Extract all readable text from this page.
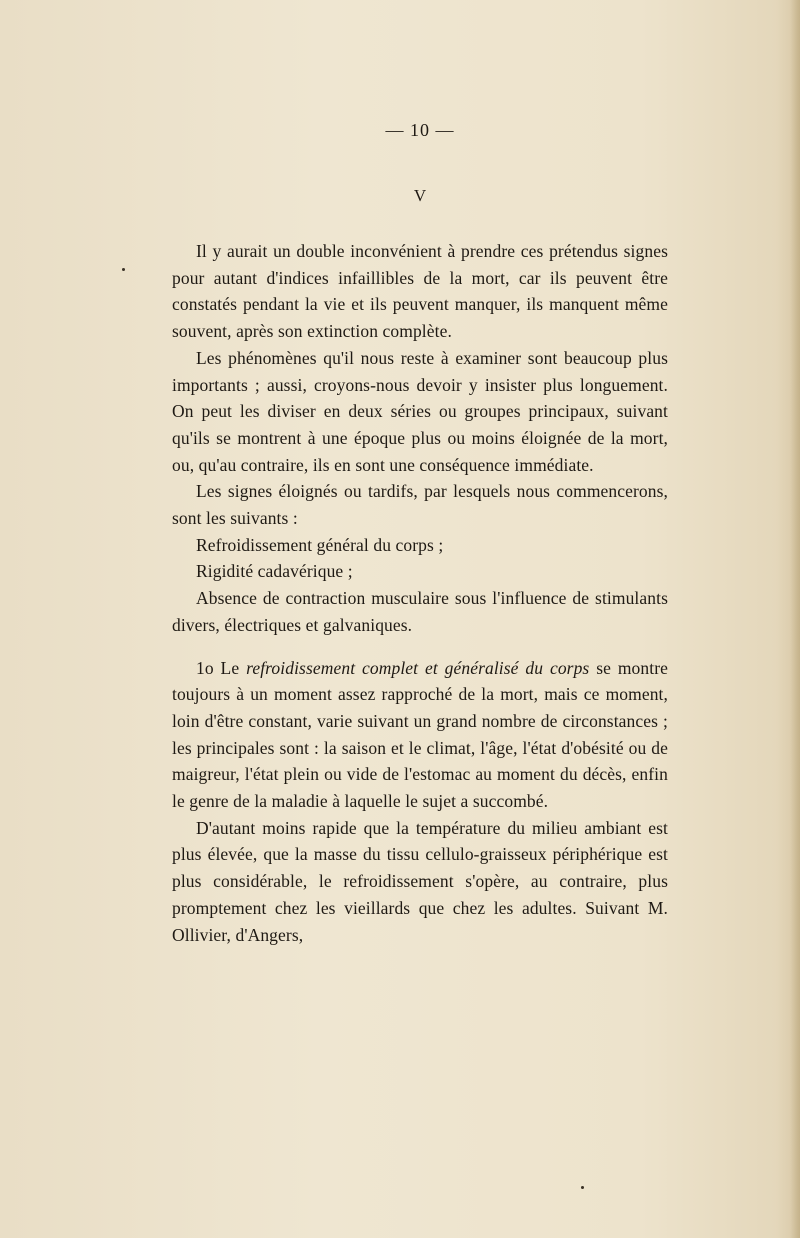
— 10 —
V

Il y aurait un double inconvénient à prendre ces prétendus signes pour autant d'indices infaillibles de la mort, car ils peuvent être constatés pendant la vie et ils peuvent manquer, ils manquent même souvent, après son extinction complète.

Les phénomènes qu'il nous reste à examiner sont beaucoup plus importants ; aussi, croyons-nous devoir y insister plus longuement. On peut les diviser en deux séries ou groupes principaux, suivant qu'ils se montrent à une époque plus ou moins éloignée de la mort, ou, qu'au contraire, ils en sont une conséquence immédiate.

Les signes éloignés ou tardifs, par lesquels nous commencerons, sont les suivants :

Refroidissement général du corps ;

Rigidité cadavérique ;

Absence de contraction musculaire sous l'influence de stimulants divers, électriques et galvaniques.

1o Le refroidissement complet et généralisé du corps se montre toujours à un moment assez rapproché de la mort, mais ce moment, loin d'être constant, varie suivant un grand nombre de circonstances ; les principales sont : la saison et le climat, l'âge, l'état d'obésité ou de maigreur, l'état plein ou vide de l'estomac au moment du décès, enfin le genre de la maladie à laquelle le sujet a succombé.

D'autant moins rapide que la température du milieu ambiant est plus élevée, que la masse du tissu cellulo-graisseux périphérique est plus considérable, le refroidissement s'opère, au contraire, plus promptement chez les vieillards que chez les adultes. Suivant M. Ollivier, d'Angers,
